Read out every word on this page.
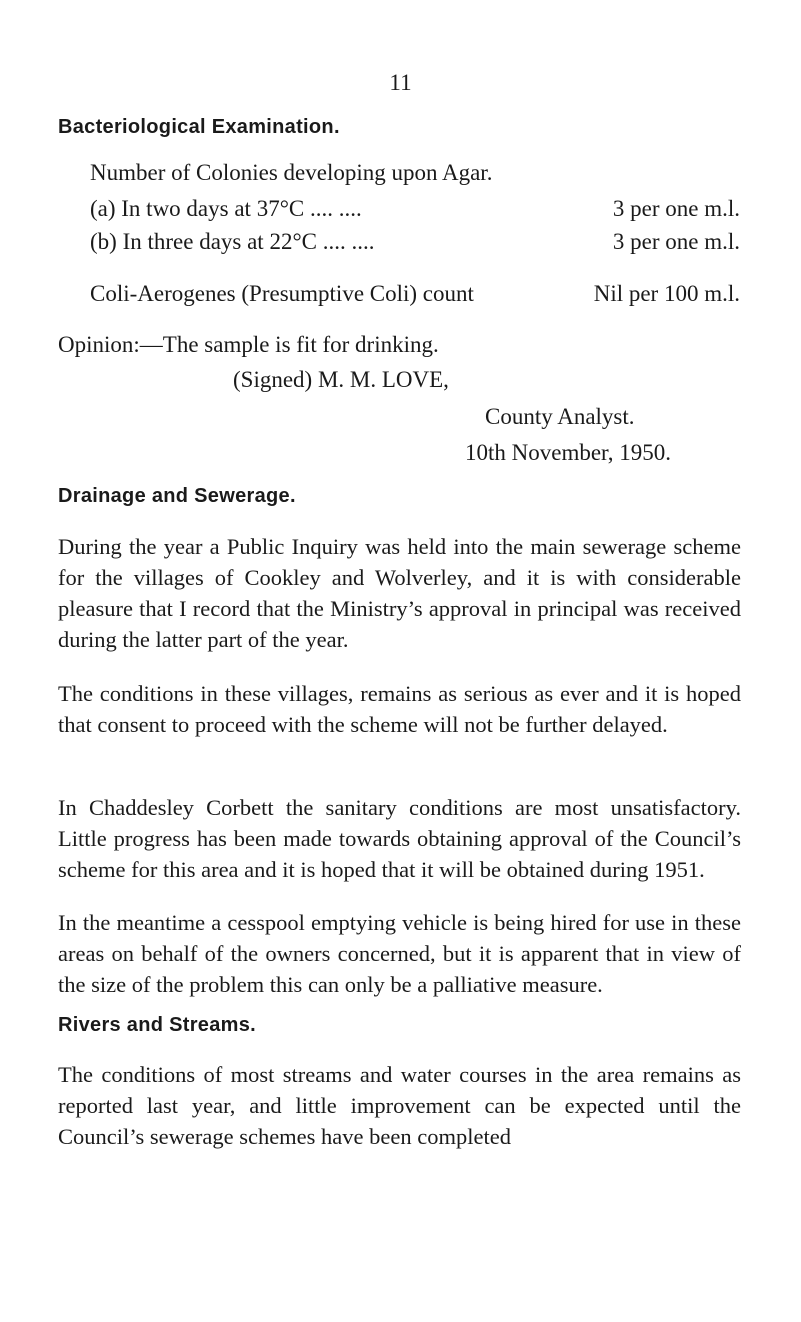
11
Bacteriological Examination.
Number of Colonies developing upon Agar.
(a) In two days at 37°C .... ....	3 per one m.l.
(b) In three days at 22°C .... ....	3 per one m.l.
Coli-Aerogenes (Presumptive Coli) count	Nil per 100 m.l.
Opinion:—The sample is fit for drinking.
(Signed) M. M. LOVE,
County Analyst.
10th November, 1950.
Drainage and Sewerage.

During the year a Public Inquiry was held into the main sewerage scheme for the villages of Cookley and Wolverley, and it is with considerable pleasure that I record that the Ministry’s approval in principal was received during the latter part of the year.

The conditions in these villages, remains as serious as ever and it is hoped that consent to proceed with the scheme will not be further delayed.

In Chaddesley Corbett the sanitary conditions are most unsatisfactory. Little progress has been made towards obtaining approval of the Council’s scheme for this area and it is hoped that it will be obtained during 1951.

In the meantime a cesspool emptying vehicle is being hired for use in these areas on behalf of the owners concerned, but it is apparent that in view of the size of the problem this can only be a palliative measure.

Rivers and Streams.

The conditions of most streams and water courses in the area remains as reported last year, and little improvement can be expected until the Council’s sewerage schemes have been completed
